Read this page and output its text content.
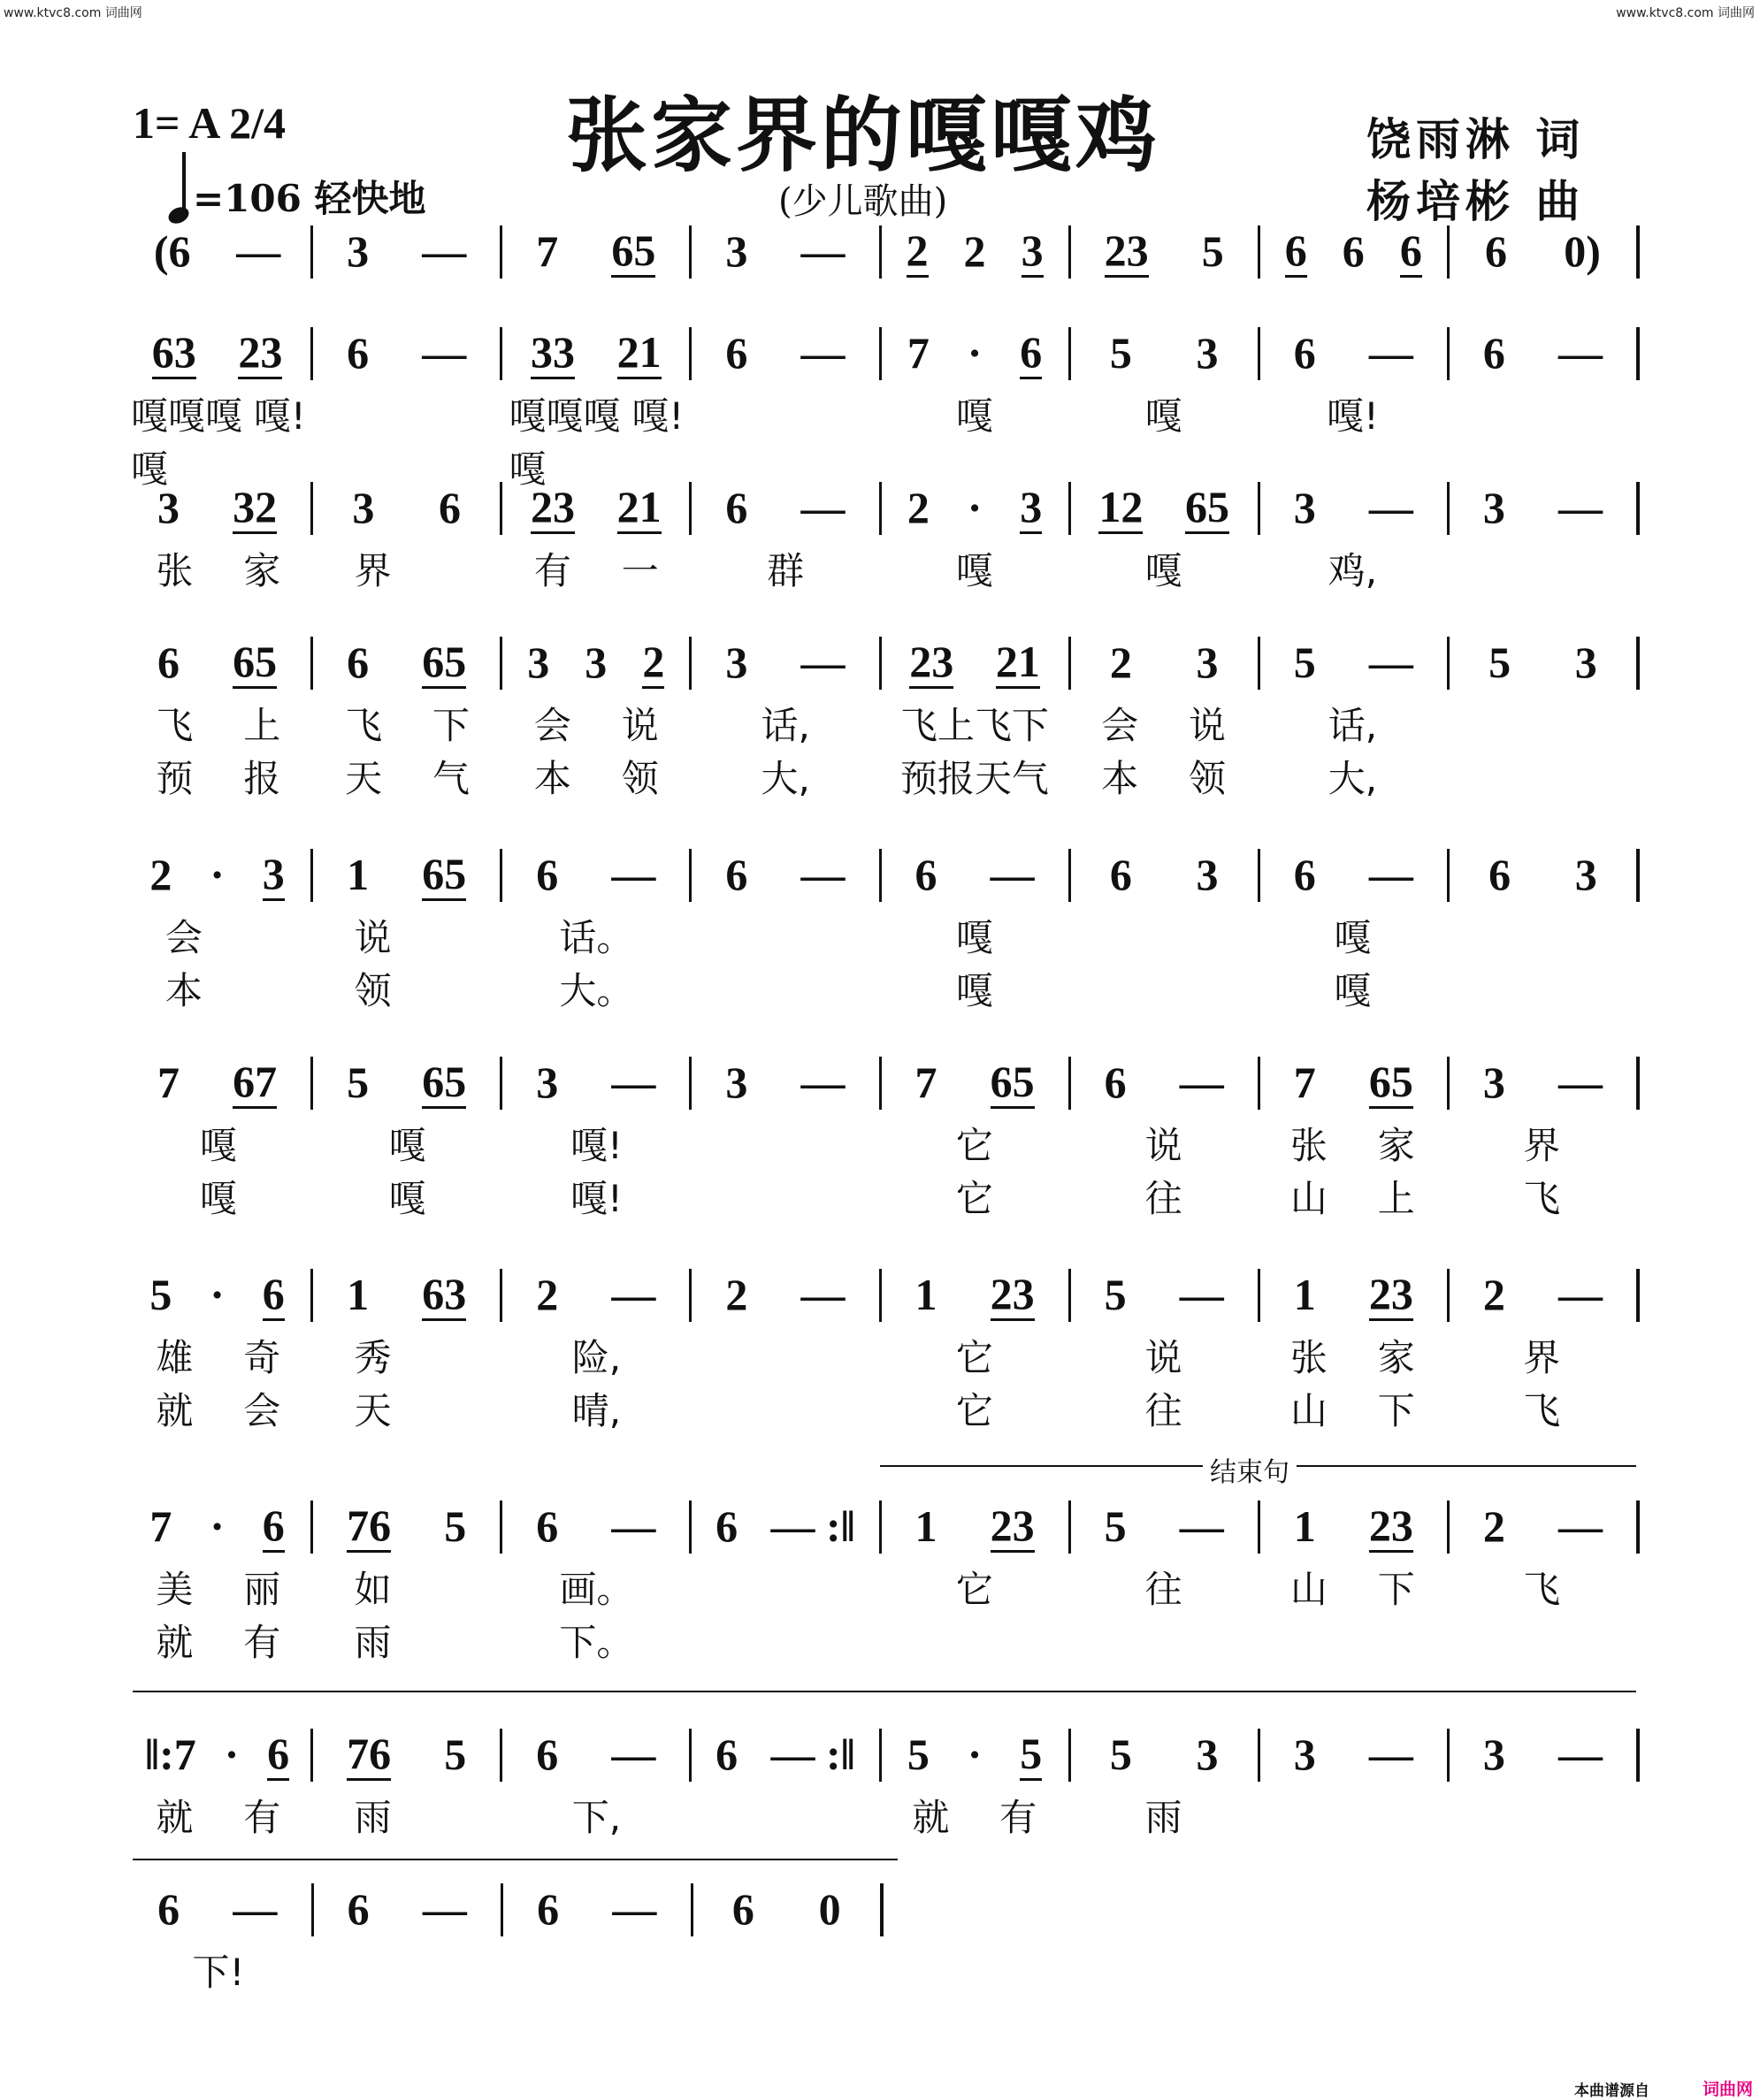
www.ktvc8.com 词曲网	www.ktvc8.com 词曲网
1= A 2/4	张家界的嘎嘎鸡
(少儿歌曲)
=106 轻快地
饶雨淋 词
杨培彬 曲
结束句
(6 — 3 — 7 65 3 — 2 2 3 23 5 6 6 6 6 0)
63 23 6 — 33 21 6 — 7 · 6 5 3 6 — 6 —
嘎嘎嘎嘎
嘎!	嘎嘎嘎嘎
嘎!	嘎	嘎	嘎!
3 32 3 6 23 21 6 — 2 · 3 12 65 3 — 3 —
张 家 界	有 一	群	嘎	嘎	鸡,
6 65 6 65 3 3 2 3 — 23 21 2 3 5 — 5 3
飞 上 飞 下 会 说	话, 飞上飞下 会 说	话,
预 报 天 气 本 领	大, 预报天气 本 领	大,
2 · 3 1 65 6 — 6 — 6 — 6 3 6 — 6 3
会	说	话。	嘎	嘎
本	领	大。	嘎	嘎
7 67 5 65 3 — 3 — 7 65 6 — 7 65 3 —
嘎	嘎	嘎!	它	说	张 家	界
嘎	嘎	嘎!	它	往	山 上	飞
5 · 6 1 63 2 — 2 — 1 23 5 — 1 23 2 —
雄 奇 秀	险,	它	说	张 家	界
就 会 天	晴,	它	往	山 下	飞
7 · 6 76 5 6 — 6 — :‖ 1 23 5 — 1 23 2 —
美 丽 如	画。	它	往	山 下	飞
就 有 雨	下。
‖:7 · 6 76 5 6 — 6 — :‖ 5 · 5 5 3 3 — 3 —
就 有 雨	下,	就 有	雨
6 — 6 — 6 — 6 0
下!
本曲谱源自	词曲网
